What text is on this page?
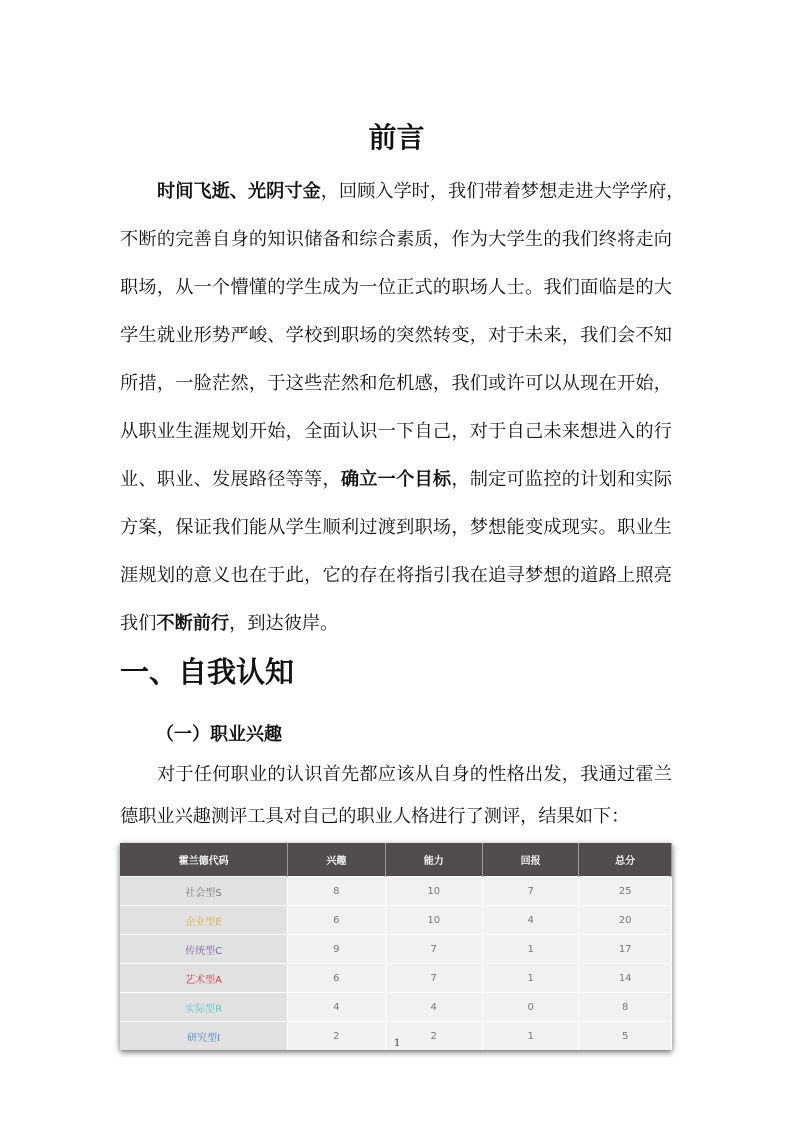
前言
时间飞逝、光阴寸金，回顾入学时，我们带着梦想走进大学学府，
不断的完善自身的知识储备和综合素质，作为大学生的我们终将走向
职场，从一个懵懂的学生成为一位正式的职场人士。我们面临是的大
学生就业形势严峻、学校到职场的突然转变，对于未来，我们会不知
所措，一脸茫然，于这些茫然和危机感，我们或许可以从现在开始，
从职业生涯规划开始，全面认识一下自己，对于自己未来想进入的行
业、职业、发展路径等等，确立一个目标，制定可监控的计划和实际
方案，保证我们能从学生顺利过渡到职场，梦想能变成现实。职业生
涯规划的意义也在于此，它的存在将指引我在追寻梦想的道路上照亮
我们不断前行，到达彼岸。
一、自我认知
（一）职业兴趣
对于任何职业的认识首先都应该从自身的性格出发，我通过霍兰
德职业兴趣测评工具对自己的职业人格进行了测评，结果如下：
霍兰德代码	兴趣	能力	回报	总分
社会型S	8	10	7	25
企业型E	6	10	4	20
传统型C	9	7	1	17
艺术型A	6	7	1	14
实际型R	4	4	0	8
研究型I	2	2	1	5
1
